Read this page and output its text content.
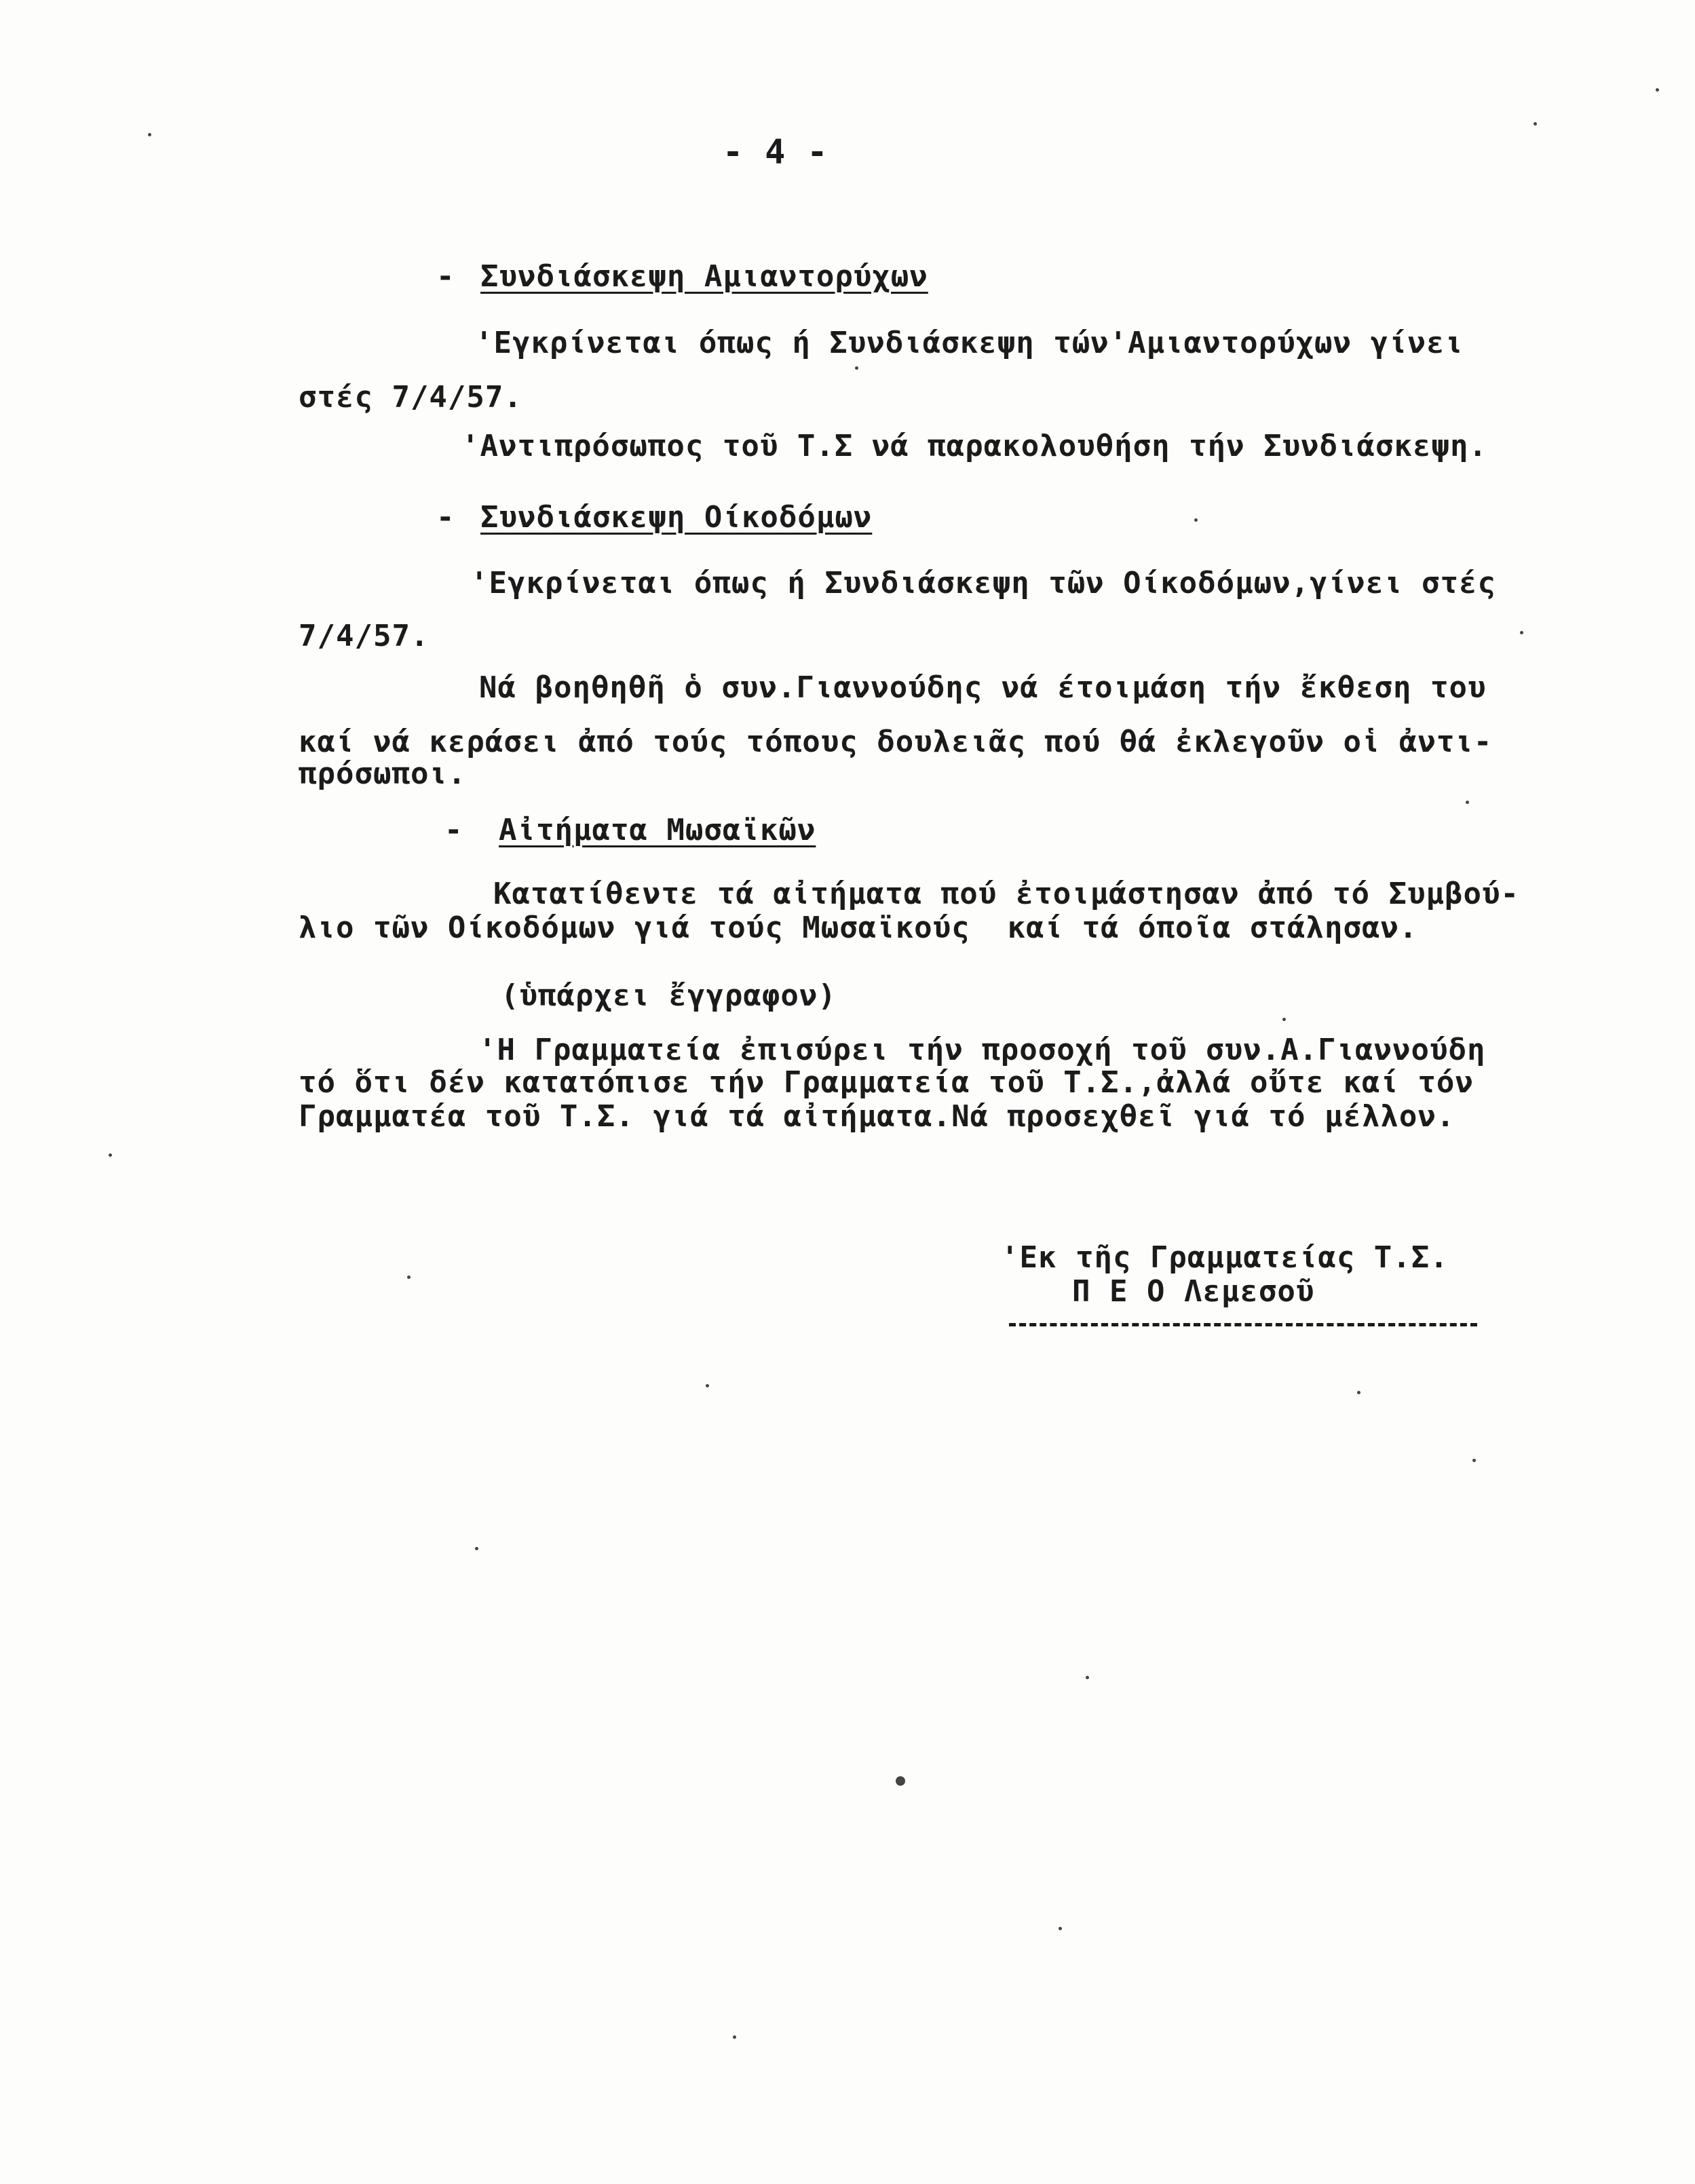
- 4 -
- Συνδιάσκεψη Αμιαντορύχων
'Εγκρίνεται όπως ή Συνδιάσκεψη τών'Αμιαντορύχων γίνει
στές 7/4/57.
'Αντιπρόσωπος τοῦ Τ.Σ νά παρακολουθήση τήν Συνδιάσκεψη.
- Συνδιάσκεψη Οίκοδόμων
'Εγκρίνεται όπως ή Συνδιάσκεψη τῶν Οίκοδόμων,γίνει στές
7/4/57.
Νά βοηθηθῆ ὁ συν.Γιαννούδης νά έτοιμάση τήν ἔκθεση του
καί νά κεράσει ἀπό τούς τόπους δουλειᾶς πού θά ἐκλεγοῦν οἱ ἀντι-
πρόσωποι.
- Αἰτήματα Μωσαϊκῶν
Κατατίθεντε τά αἰτήματα πού ἐτοιμάστησαν ἀπό τό Συμβού-
λιο τῶν Οίκοδόμων γιά τούς Μωσαϊκούς  καί τά όποῖα στάλησαν.
(ὑπάρχει ἔγγραφον)
'Η Γραμματεία ἐπισύρει τήν προσοχή τοῦ συν.Α.Γιαννούδη
τό ὅτι δέν κατατόπισε τήν Γραμματεία τοῦ Τ.Σ.,ἀλλά οὔτε καί τόν
Γραμματέα τοῦ Τ.Σ. γιά τά αἰτήματα.Νά προσεχθεῖ γιά τό μέλλον.
'Εκ τῆς Γραμματείας Τ.Σ.
Π Ε Ο Λεμεσοῦ
